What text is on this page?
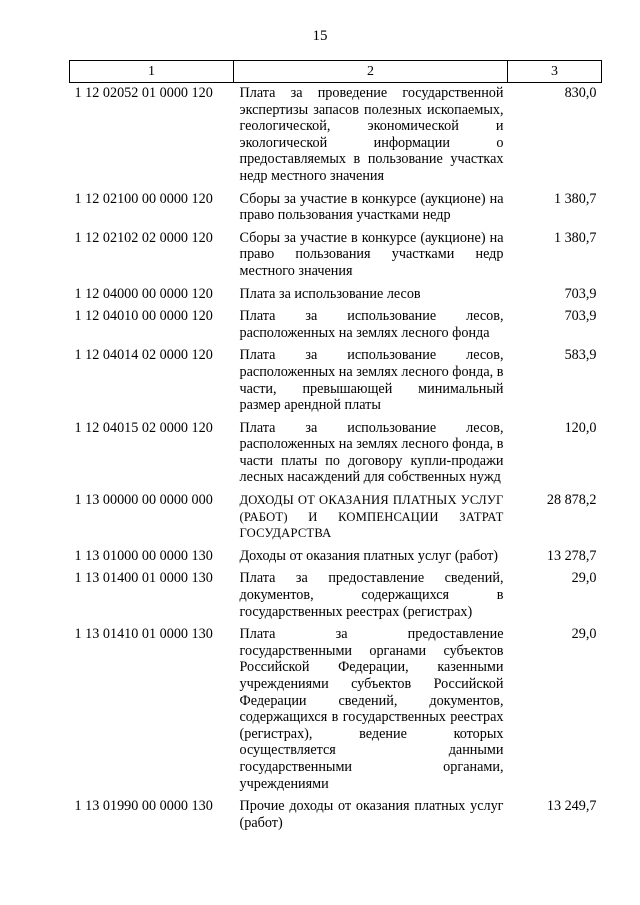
15
1	2	3
1 12 02052 01 0000 120	Плата за проведение государственной экспертизы запасов полезных ископаемых, геологической, экономической и экологической информации о предоставляемых в пользование участках недр местного значения	830,0
1 12 02100 00 0000 120	Сборы за участие в конкурсе (аукционе) на право пользования участками недр	1 380,7
1 12 02102 02 0000 120	Сборы за участие в конкурсе (аукционе) на право пользования участками недр местного значения	1 380,7
1 12 04000 00 0000 120	Плата за использование лесов	703,9
1 12 04010 00 0000 120	Плата за использование лесов, расположенных на землях лесного фонда	703,9
1 12 04014 02 0000 120	Плата за использование лесов, расположенных на землях лесного фонда, в части, превышающей минимальный размер арендной платы	583,9
1 12 04015 02 0000 120	Плата за использование лесов, расположенных на землях лесного фонда, в части платы по договору купли-продажи лесных насаждений для собственных нужд	120,0
1 13 00000 00 0000 000	ДОХОДЫ ОТ ОКАЗАНИЯ ПЛАТНЫХ УСЛУГ (РАБОТ) И КОМПЕНСАЦИИ ЗАТРАТ ГОСУДАРСТВА	28 878,2
1 13 01000 00 0000 130	Доходы от оказания платных услуг (работ)	13 278,7
1 13 01400 01 0000 130	Плата за предоставление сведений, документов, содержащихся в государственных реестрах (регистрах)	29,0
1 13 01410 01 0000 130	Плата за предоставление государственными органами субъектов Российской Федерации, казенными учреждениями субъектов Российской Федерации сведений, документов, содержащихся в государственных реестрах (регистрах), ведение которых осуществляется данными государственными органами, учреждениями	29,0
1 13 01990 00 0000 130	Прочие доходы от оказания платных услуг (работ)	13 249,7
